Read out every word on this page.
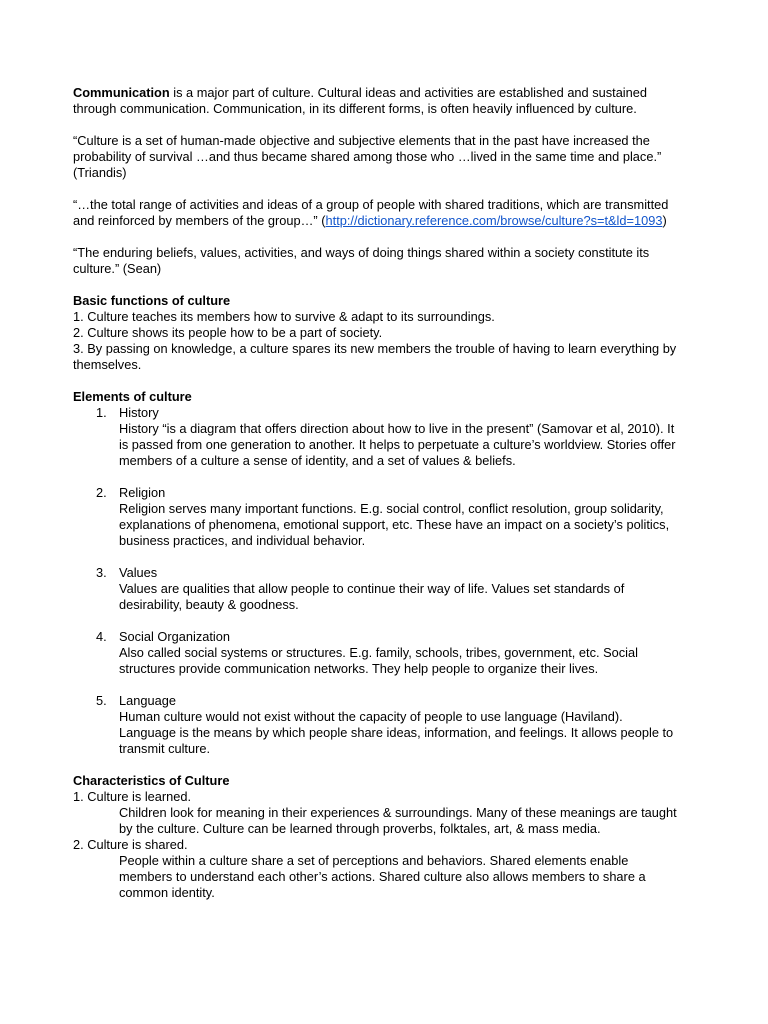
Communication is a major part of culture. Cultural ideas and activities are established and sustained through communication. Communication, in its different forms, is often heavily influenced by culture.

“Culture is a set of human-made objective and subjective elements that in the past have increased the probability of survival …and thus became shared among those who …lived in the same time and place.” (Triandis)

“…the total range of activities and ideas of a group of people with shared traditions, which are transmitted and reinforced by members of the group…” (http://dictionary.reference.com/browse/culture?s=t&ld=1093)

“The enduring beliefs, values, activities, and ways of doing things shared within a society constitute its culture.” (Sean)

Basic functions of culture

1. Culture teaches its members how to survive & adapt to its surroundings.

2. Culture shows its people how to be a part of society.

3. By passing on knowledge, a culture spares its new members the trouble of having to learn everything by themselves.

Elements of culture

1. History

History “is a diagram that offers direction about how to live in the present” (Samovar et al, 2010). It is passed from one generation to another. It helps to perpetuate a culture’s worldview. Stories offer members of a culture a sense of identity, and a set of values & beliefs.

2. Religion

Religion serves many important functions. E.g. social control, conflict resolution, group solidarity, explanations of phenomena, emotional support, etc. These have an impact on a society’s politics, business practices, and individual behavior.

3. Values

Values are qualities that allow people to continue their way of life. Values set standards of desirability, beauty & goodness.

4. Social Organization

Also called social systems or structures. E.g. family, schools, tribes, government, etc. Social structures provide communication networks. They help people to organize their lives.

5. Language

Human culture would not exist without the capacity of people to use language (Haviland). Language is the means by which people share ideas, information, and feelings. It allows people to transmit culture.

Characteristics of Culture

1. Culture is learned.

Children look for meaning in their experiences & surroundings. Many of these meanings are taught by the culture. Culture can be learned through proverbs, folktales, art, & mass media.

2. Culture is shared.

People within a culture share a set of perceptions and behaviors. Shared elements enable members to understand each other’s actions. Shared culture also allows members to share a common identity.
